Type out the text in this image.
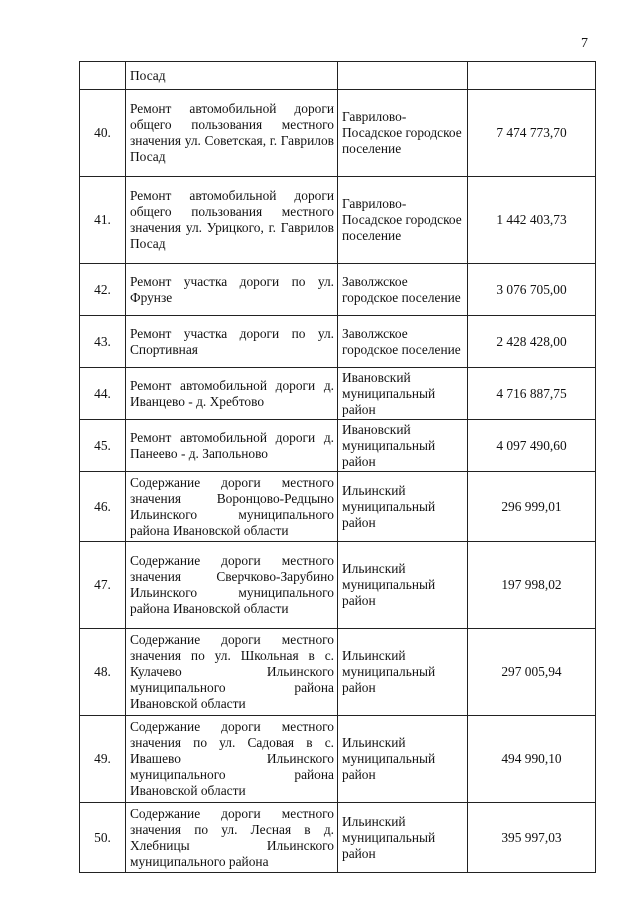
7

	Посад		

40.	Ремонт автомобильной дороги общего пользования местного значения ул. Советская, г. Гаврилов Посад	Гаврилово-Посадское городское поселение	7 474 773,70
41.	Ремонт автомобильной дороги общего пользования местного значения ул. Урицкого, г. Гаврилов Посад	Гаврилово-Посадское городское поселение	1 442 403,73
42.	Ремонт участка дороги по ул. Фрунзе	Заволжское городское поселение	3 076 705,00
43.	Ремонт участка дороги по ул. Спортивная	Заволжское городское поселение	2 428 428,00
44.	Ремонт автомобильной дороги д. Иванцево - д. Хребтово	Ивановский муниципальный район	4 716 887,75
45.	Ремонт автомобильной дороги д. Панеево - д. Запольново	Ивановский муниципальный район	4 097 490,60
46.	Содержание дороги местного значения Воронцово-Редцыно Ильинского муниципального района Ивановской области	Ильинский муниципальный район	296 999,01
47.	Содержание дороги местного значения Сверчково-Зарубино Ильинского муниципального района Ивановской области	Ильинский муниципальный район	197 998,02
48.	Содержание дороги местного значения по ул. Школьная в с. Кулачево Ильинского муниципального района Ивановской области	Ильинский муниципальный район	297 005,94
49.	Содержание дороги местного значения по ул. Садовая в с. Ивашево Ильинского муниципального района Ивановской области	Ильинский муниципальный район	494 990,10
50.	Содержание дороги местного значения по ул. Лесная в д. Хлебницы Ильинского муниципального района	Ильинский муниципальный район	395 997,03
